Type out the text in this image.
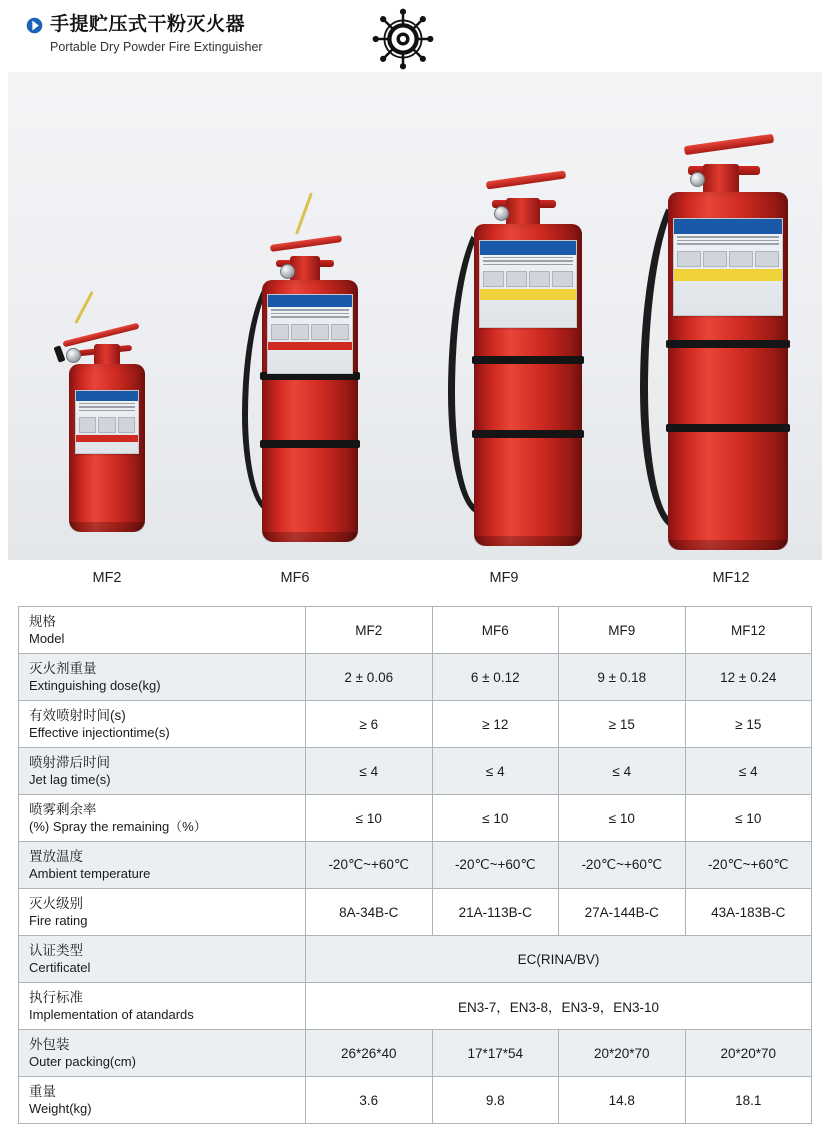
手提贮压式干粉灭火器
Portable Dry Powder Fire Extinguisher
MF2	MF6	MF9	MF12
规格
Model	MF2	MF6	MF9	MF12

灭火剂重量
Extinguishing dose(kg)	2 ± 0.06	6 ± 0.12	9 ± 0.18	12 ± 0.24

有效喷射时间(s)
Effective injectiontime(s)	≥ 6	≥ 12	≥ 15	≥ 15

喷射滞后时间
Jet lag time(s)	≤ 4	≤ 4	≤ 4	≤ 4

喷雾剩余率
(%) Spray the remaining（%）	≤ 10	≤ 10	≤ 10	≤ 10

置放温度
Ambient temperature	-20℃~+60℃	-20℃~+60℃	-20℃~+60℃	-20℃~+60℃

灭火级别
Fire rating	8A-34B-C	21A-113B-C	27A-144B-C	43A-183B-C

认证类型
Certificatel	EC(RINA/BV)			

执行标准
Implementation of atandards	EN3-7，EN3-8，EN3-9，EN3-10			

外包装
Outer packing(cm)	26*26*40	17*17*54	20*20*70	20*20*70

重量
Weight(kg)	3.6	9.8	14.8	18.1
